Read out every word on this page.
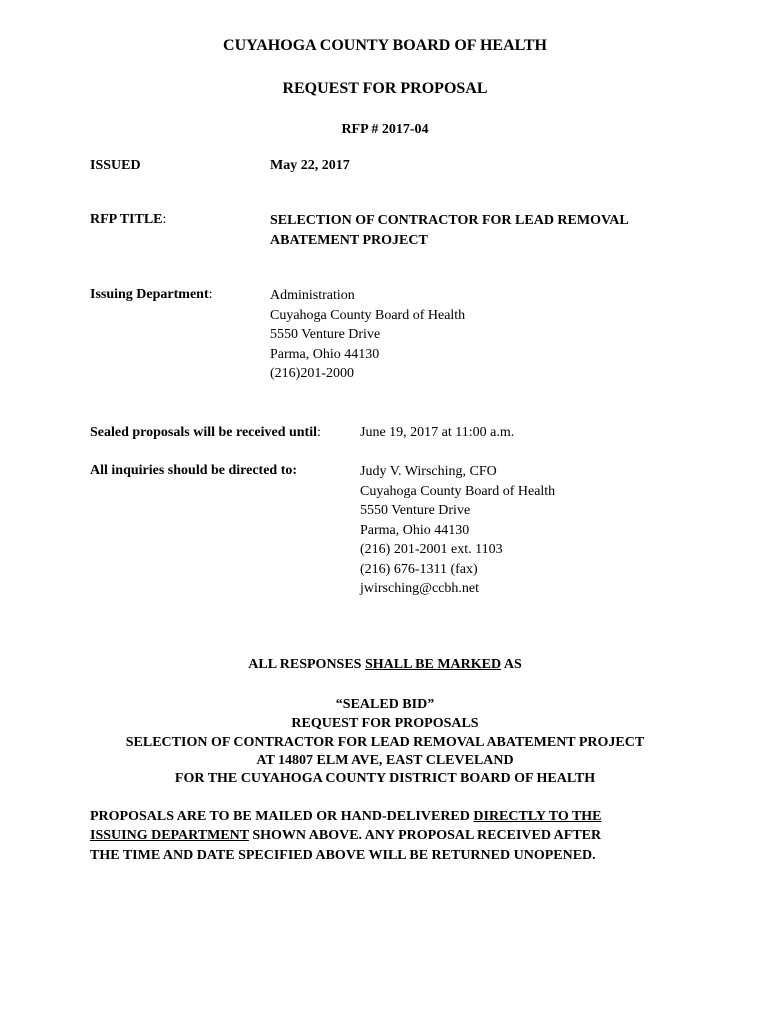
CUYAHOGA COUNTY BOARD OF HEALTH
REQUEST FOR PROPOSAL
RFP # 2017-04
ISSUED	May 22, 2017
RFP TITLE:	SELECTION OF CONTRACTOR FOR LEAD REMOVAL
ABATEMENT PROJECT
Issuing Department:	Administration
Cuyahoga County Board of Health
5550 Venture Drive
Parma, Ohio 44130
(216)201-2000
Sealed proposals will be received until:	June 19, 2017 at 11:00 a.m.
All inquiries should be directed to:	Judy V. Wirsching, CFO
Cuyahoga County Board of Health
5550 Venture Drive
Parma, Ohio 44130
(216) 201-2001 ext. 1103
(216) 676-1311 (fax)
jwirsching@ccbh.net
ALL RESPONSES SHALL BE MARKED AS
“SEALED BID”
REQUEST FOR PROPOSALS
SELECTION OF CONTRACTOR FOR LEAD REMOVAL ABATEMENT PROJECT
AT 14807 ELM AVE, EAST CLEVELAND
FOR THE CUYAHOGA COUNTY DISTRICT BOARD OF HEALTH
PROPOSALS ARE TO BE MAILED OR HAND-DELIVERED DIRECTLY TO THE
ISSUING DEPARTMENT SHOWN ABOVE. ANY PROPOSAL RECEIVED AFTER
THE TIME AND DATE SPECIFIED ABOVE WILL BE RETURNED UNOPENED.
